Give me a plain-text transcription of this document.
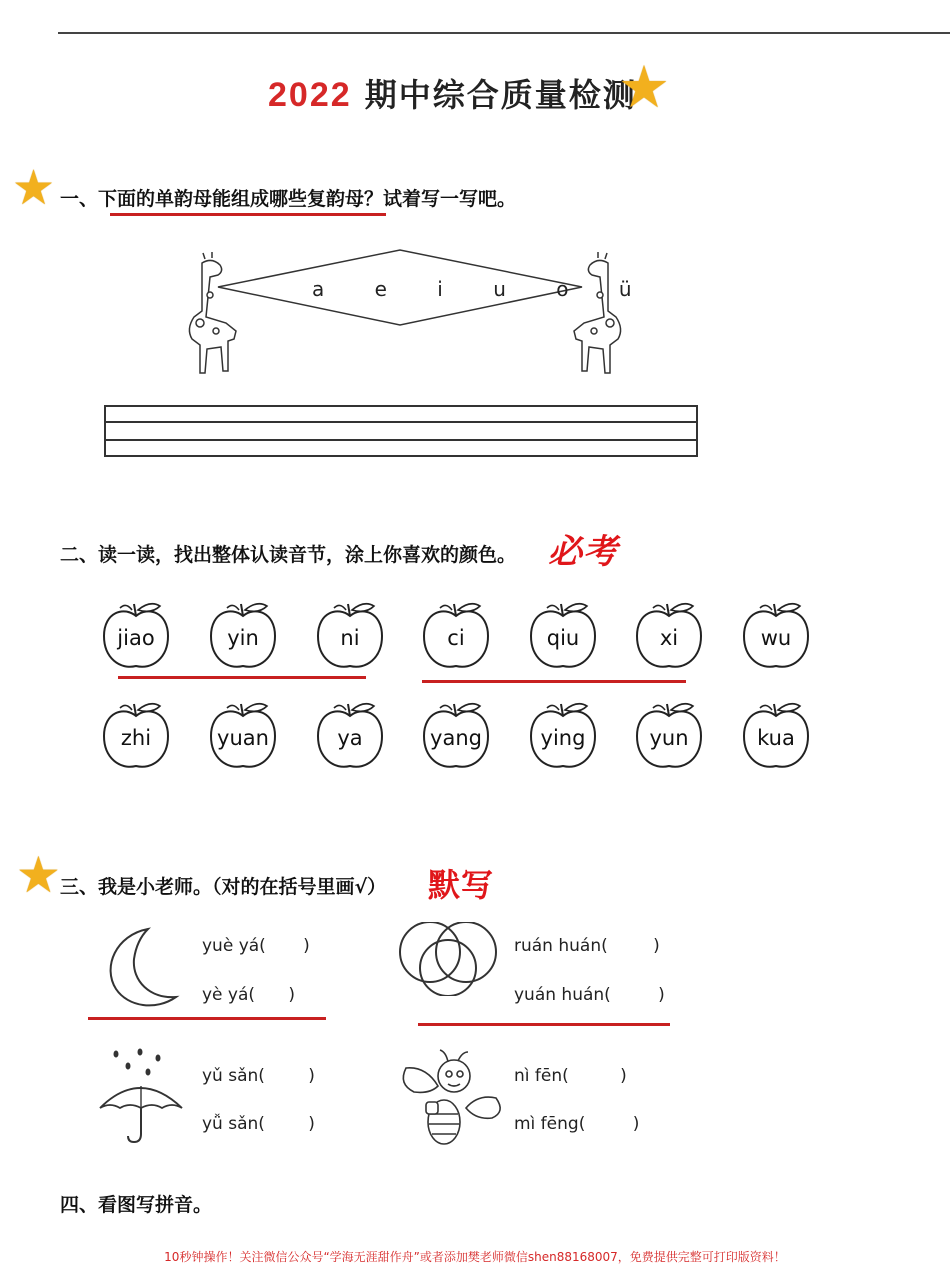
2022 期中综合质量检测
★
★ 一、下面的单韵母能组成哪些复韵母？试着写一写吧。
a e i u o ü
二、读一读，找出整体认读音节，涂上你喜欢的颜色。 必考
jiao	yin	ni	ci	qiu	xi	wu
zhi	yuan	ya	yang	ying	yun	kua
★ 三、我是小老师。（对的在括号里画√） 默写
yuè yá( )
yè yá( )
ruán huán(	)
yuán huán(	)
yǔ sǎn(	)
yǚ sǎn(	)
nì fēn(	)
mì fēng(	)
四、看图写拼音。
10秒钟操作！关注微信公众号“学海无涯甜作舟”或者添加樊老师微信shen88168007，免费提供完整可打印版资料！
